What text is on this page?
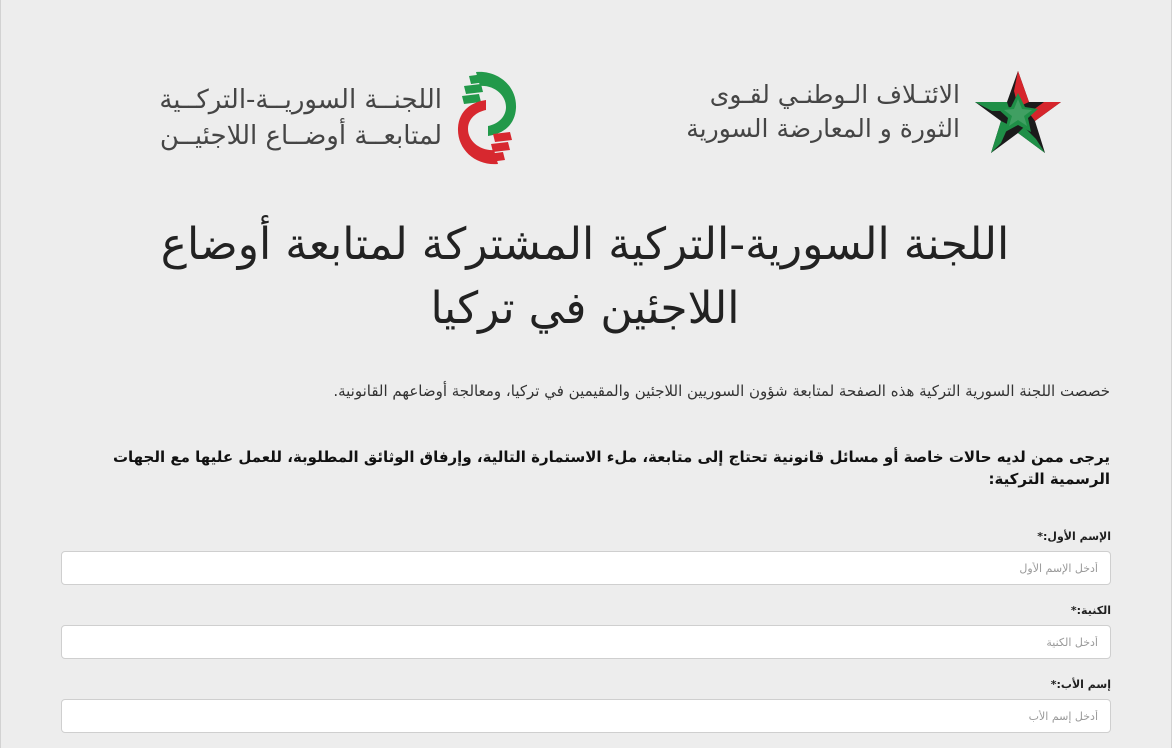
الائتـلاف الـوطنـي لقـوى
الثورة و المعارضة السورية
اللجنــة السوريــة-التركــية
لمتابعــة أوضــاع اللاجئيــن
اللجنة السورية-التركية المشتركة لمتابعة أوضاع اللاجئين في تركيا

خصصت اللجنة السورية التركية هذه الصفحة لمتابعة شؤون السوريين اللاجئين والمقيمين في تركيا، ومعالجة أوضاعهم القانونية.

يرجى ممن لديه حالات خاصة أو مسائل قانونية تحتاج إلى متابعة، ملء الاستمارة التالية، وإرفاق الوثائق المطلوبة، للعمل عليها مع الجهات الرسمية التركية:

الإسم الأول:*
أدخل الإسم الأول
الكنية:*
أدخل الكنية
إسم الأب:*
أدخل إسم الأب
